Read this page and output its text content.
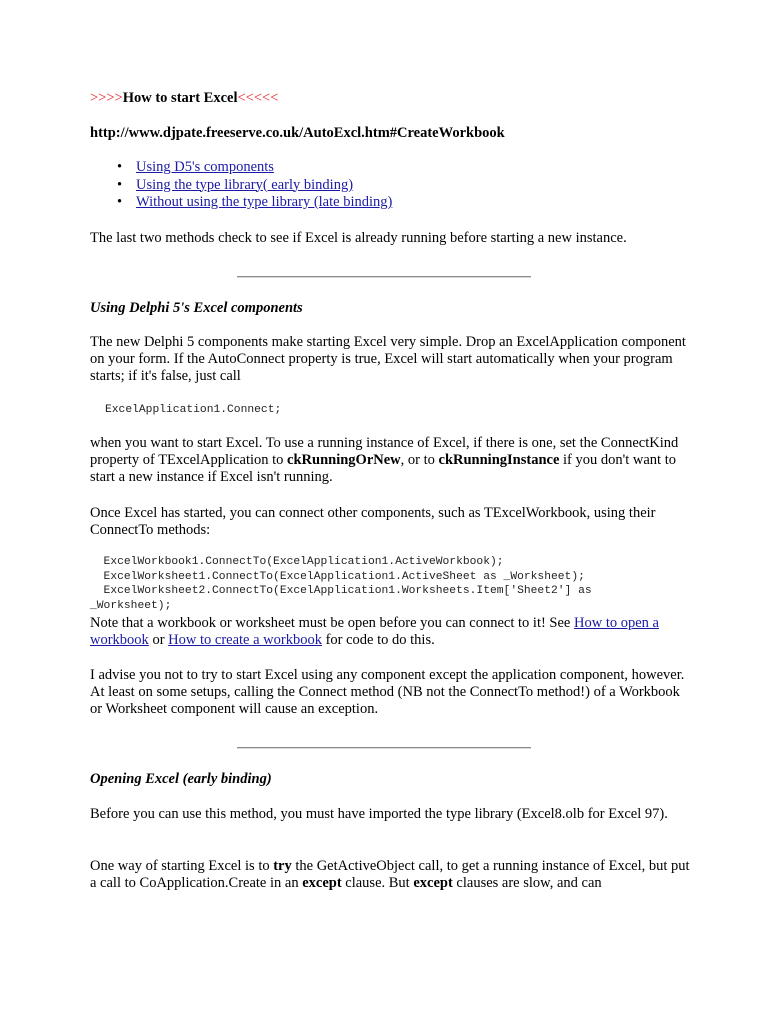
>>>>How to start Excel<<<<<
http://www.djpate.freeserve.co.uk/AutoExcl.htm#CreateWorkbook
• Using D5's components
• Using the type library( early binding)
• Without using the type library (late binding)
The last two methods check to see if Excel is already running before starting a new instance.
Using Delphi 5's Excel components
The new Delphi 5 components make starting Excel very simple. Drop an ExcelApplication component on your form. If the AutoConnect property is true, Excel will start automatically when your program starts; if it's false, just call
ExcelApplication1.Connect;
when you want to start Excel. To use a running instance of Excel, if there is one, set the ConnectKind property of TExcelApplication to ckRunningOrNew, or to ckRunningInstance if you don't want to start a new instance if Excel isn't running.
Once Excel has started, you can connect other components, such as TExcelWorkbook, using their ConnectTo methods:
ExcelWorkbook1.ConnectTo(ExcelApplication1.ActiveWorkbook);
ExcelWorksheet1.ConnectTo(ExcelApplication1.ActiveSheet as _Worksheet);
ExcelWorksheet2.ConnectTo(ExcelApplication1.Worksheets.Item['Sheet2'] as
_Worksheet);
Note that a workbook or worksheet must be open before you can connect to it! See How to open a workbook or How to create a workbook for code to do this.
I advise you not to try to start Excel using any component except the application component, however. At least on some setups, calling the Connect method (NB not the ConnectTo method!) of a Workbook or Worksheet component will cause an exception.
Opening Excel (early binding)
Before you can use this method, you must have imported the type library (Excel8.olb for Excel 97).
One way of starting Excel is to try the GetActiveObject call, to get a running instance of Excel, but put a call to CoApplication.Create in an except clause. But except clauses are slow, and can
